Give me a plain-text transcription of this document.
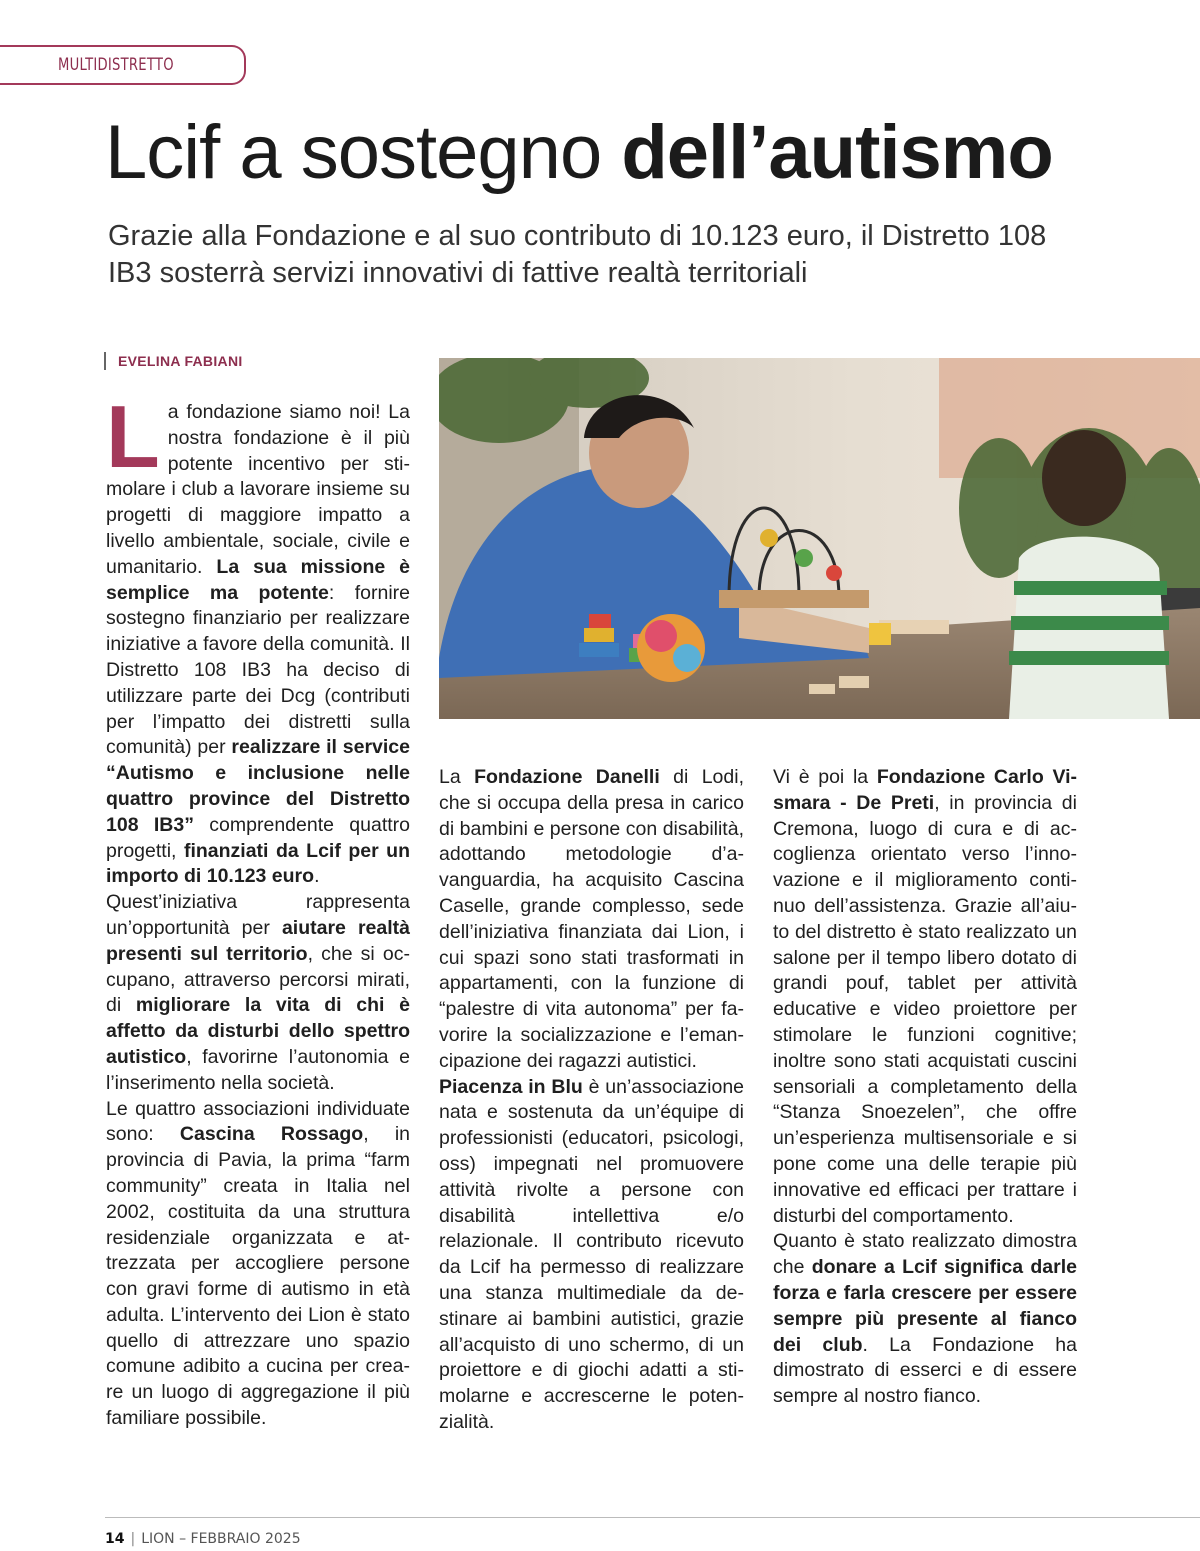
MULTIDISTRETTO
Lcif a sostegno dell’autismo

Grazie alla Fondazione e al suo contributo di 10.123 euro, il Distretto 108 IB3 sosterrà servizi innovativi di fattive realtà territoriali

EVELINA FABIANI

La fondazione siamo noi! La nostra fondazione è il più potente incentivo per stimolare i club a lavorare insieme su progetti di maggiore impatto a livello ambientale, sociale, civile e umanitario. La sua missione è semplice ma potente: fornire sostegno finanziario per realizzare iniziative a favore della comunità. Il Distretto 108 IB3 ha deciso di utilizzare parte dei Dcg (contributi per l’impatto dei distretti sulla comunità) per realizzare il service “Autismo e inclusione nelle quattro province del Distretto 108 IB3” comprendente quattro progetti, finanziati da Lcif per un importo di 10.123 euro.

Quest’iniziativa rappresenta un’opportunità per aiutare realtà presenti sul territorio, che si occupano, attraverso percorsi mirati, di migliorare la vita di chi è affetto da disturbi dello spettro autistico, favorirne l’autonomia e l’inserimento nella società.

Le quattro associazioni individuate sono: Cascina Rossago, in provincia di Pavia, la prima “farm community” creata in Italia nel 2002, costituita da una struttura residenziale organizzata e attrezzata per accogliere persone con gravi forme di autismo in età adulta. L’intervento dei Lion è stato quello di attrezzare uno spazio comune adibito a cucina per creare un luogo di aggregazione il più familiare possibile.

La Fondazione Danelli di Lodi, che si occupa della presa in carico di bambini e persone con disabilità, adottando metodologie d’avanguardia, ha acquisito Cascina Caselle, grande complesso, sede dell’iniziativa finanziata dai Lion, i cui spazi sono stati trasformati in appartamenti, con la funzione di “palestre di vita autonoma” per favorire la socializzazione e l’emancipazione dei ragazzi autistici.

Piacenza in Blu è un’associazione nata e sostenuta da un’équipe di professionisti (educatori, psicologi, oss) impegnati nel promuovere attività rivolte a persone con disabilità intellettiva e/o relazionale. Il contributo ricevuto da Lcif ha permesso di realizzare una stanza multimediale da destinare ai bambini autistici, grazie all’acquisto di uno schermo, di un proiettore e di giochi adatti a stimolarne e accrescerne le potenzialità.

Vi è poi la Fondazione Carlo Vismara - De Preti, in provincia di Cremona, luogo di cura e di accoglienza orientato verso l’innovazione e il miglioramento continuo dell’assistenza. Grazie all’aiuto del distretto è stato realizzato un salone per il tempo libero dotato di grandi pouf, tablet per attività educative e video proiettore per stimolare le funzioni cognitive; inoltre sono stati acquistati cuscini sensoriali a completamento della “Stanza Snoezelen”, che offre un’esperienza multisensoriale e si pone come una delle terapie più innovative ed efficaci per trattare i disturbi del comportamento.

Quanto è stato realizzato dimostra che donare a Lcif significa darle forza e farla crescere per essere sempre più presente al fianco dei club. La Fondazione ha dimostrato di esserci e di essere sempre al nostro fianco.

14 | LION – FEBBRAIO 2025
